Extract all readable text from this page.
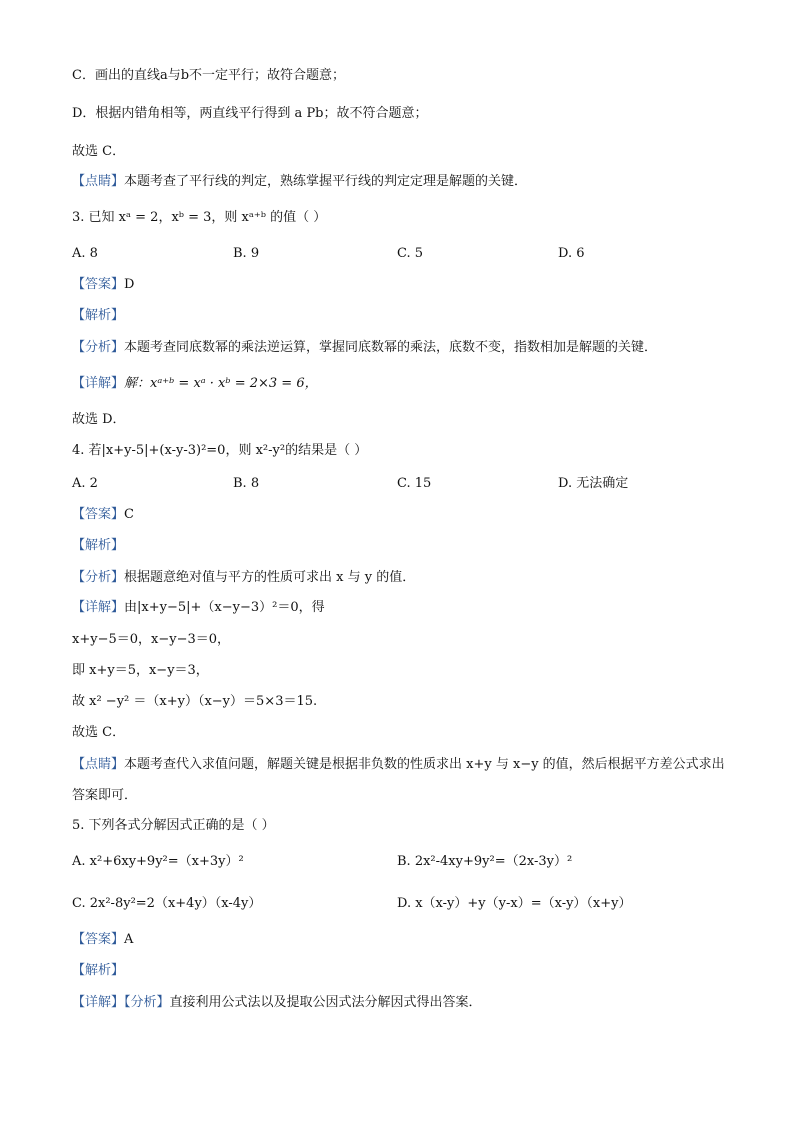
C．画出的直线a与b不一定平行；故符合题意；
D．根据内错角相等，两直线平行得到 a Pb；故不符合题意；
故选 C．
【点睛】本题考查了平行线的判定，熟练掌握平行线的判定定理是解题的关键．
3. 已知 xᵃ = 2，xᵇ = 3，则 xᵃ⁺ᵇ 的值（ ）
A. 8	B. 9	C. 5	D. 6
【答案】D
【解析】
【分析】本题考查同底数幂的乘法逆运算，掌握同底数幂的乘法，底数不变，指数相加是解题的关键．
【详解】解：xᵃ⁺ᵇ = xᵃ · xᵇ = 2×3 = 6，
故选 D．
4. 若|x+y-5|+(x-y-3)²=0，则 x²-y²的结果是（ ）
A. 2	B. 8	C. 15	D. 无法确定
【答案】C
【解析】
【分析】根据题意绝对值与平方的性质可求出 x 与 y 的值．
【详解】由|x+y−5|+（x−y−3）²＝0，得
x+y−5＝0，x−y−3＝0，
即 x+y＝5，x−y＝3，
故 x² −y² ＝（x+y）（x−y）＝5×3＝15.
故选 C．
【点睛】本题考查代入求值问题，解题关键是根据非负数的性质求出 x+y 与 x−y 的值，然后根据平方差公式求出答案即可．
5. 下列各式分解因式正确的是（ ）
A. x²+6xy+9y²=（x+3y）²	B. 2x²-4xy+9y²=（2x-3y）²
C. 2x²-8y²=2（x+4y）（x-4y）	D. x（x-y）+y（y-x）=（x-y）（x+y）
【答案】A
【解析】
【详解】【分析】直接利用公式法以及提取公因式法分解因式得出答案．
